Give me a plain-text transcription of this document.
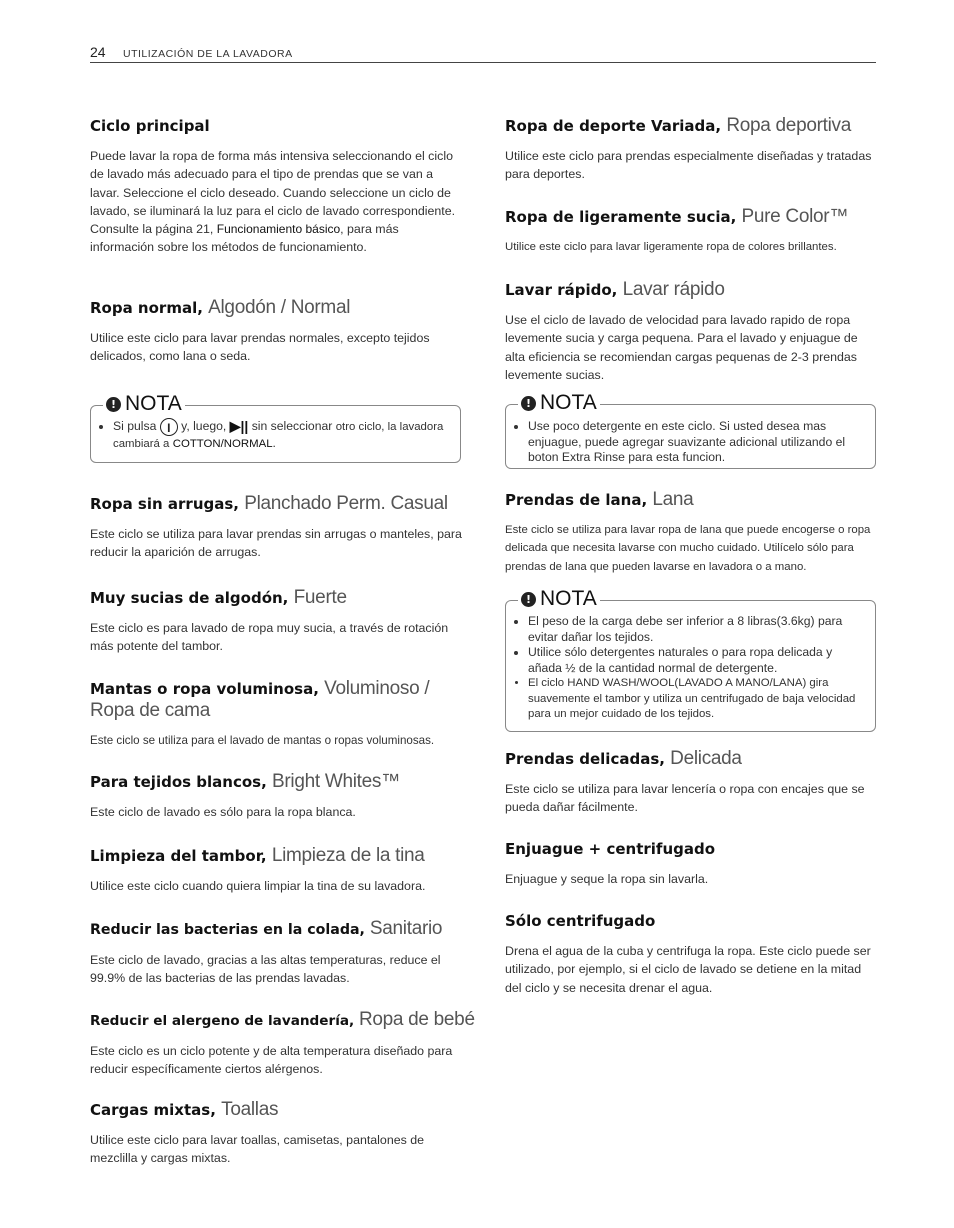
24 UTILIZACIÓN DE LA LAVADORA
Ciclo principal

Puede lavar la ropa de forma más intensiva seleccionando el ciclo de lavado más adecuado para el tipo de prendas que se van a lavar. Seleccione el ciclo deseado. Cuando seleccione un ciclo de lavado, se iluminará la luz para el ciclo de lavado correspondiente. Consulte la página 21, Funcionamiento básico, para más información sobre los métodos de funcionamiento.

Ropa normal, Algodón / Normal

Utilice este ciclo para lavar prendas normales, excepto tejidos delicados, como lana o seda.

! NOTA
• Si pulsa I y, luego, ▶|| sin seleccionar otro ciclo, la lavadora cambiará a COTTON/NORMAL.
Ropa sin arrugas, Planchado Perm. Casual

Este ciclo se utiliza para lavar prendas sin arrugas o manteles, para reducir la aparición de arrugas.

Muy sucias de algodón, Fuerte

Este ciclo es para lavado de ropa muy sucia, a través de rotación más potente del tambor.

Mantas o ropa voluminosa, Voluminoso / Ropa de cama

Este ciclo se utiliza para el lavado de mantas o ropas voluminosas.

Para tejidos blancos, Bright Whites™

Este ciclo de lavado es sólo para la ropa blanca.

Limpieza del tambor, Limpieza de la tina

Utilice este ciclo cuando quiera limpiar la tina de su lavadora.

Reducir las bacterias en la colada, Sanitario

Este ciclo de lavado, gracias a las altas temperaturas, reduce el 99.9% de las bacterias de las prendas lavadas.

Reducir el alergeno de lavandería, Ropa de bebé

Este ciclo es un ciclo potente y de alta temperatura diseñado para reducir específicamente ciertos alérgenos.

Cargas mixtas, Toallas

Utilice este ciclo para lavar toallas, camisetas, pantalones de mezclilla y cargas mixtas.

Ropa de deporte Variada, Ropa deportiva

Utilice este ciclo para prendas especialmente diseñadas y tratadas para deportes.

Ropa de ligeramente sucia, Pure Color™

Utilice este ciclo para lavar ligeramente ropa de colores brillantes.

Lavar rápido, Lavar rápido

Use el ciclo de lavado de velocidad para lavado rapido de ropa levemente sucia y carga pequena. Para el lavado y enjuague de alta eficiencia se recomiendan cargas pequenas de 2-3 prendas levemente sucias.

! NOTA
• Use poco detergente en este ciclo. Si usted desea mas enjuague, puede agregar suavizante adicional utilizando el boton Extra Rinse para esta funcion.
Prendas de lana, Lana

Este ciclo se utiliza para lavar ropa de lana que puede encogerse o ropa delicada que necesita lavarse con mucho cuidado. Utilícelo sólo para prendas de lana que pueden lavarse en lavadora o a mano.

! NOTA
• El peso de la carga debe ser inferior a 8 libras(3.6kg) para evitar dañar los tejidos.
• Utilice sólo detergentes naturales o para ropa delicada y añada ½ de la cantidad normal de detergente.
• El ciclo HAND WASH/WOOL(LAVADO A MANO/LANA) gira suavemente el tambor y utiliza un centrifugado de baja velocidad para un mejor cuidado de los tejidos.
Prendas delicadas, Delicada

Este ciclo se utiliza para lavar lencería o ropa con encajes que se pueda dañar fácilmente.

Enjuague + centrifugado

Enjuague y seque la ropa sin lavarla.

Sólo centrifugado

Drena el agua de la cuba y centrifuga la ropa. Este ciclo puede ser utilizado, por ejemplo, si el ciclo de lavado se detiene en la mitad del ciclo y se necesita drenar el agua.
